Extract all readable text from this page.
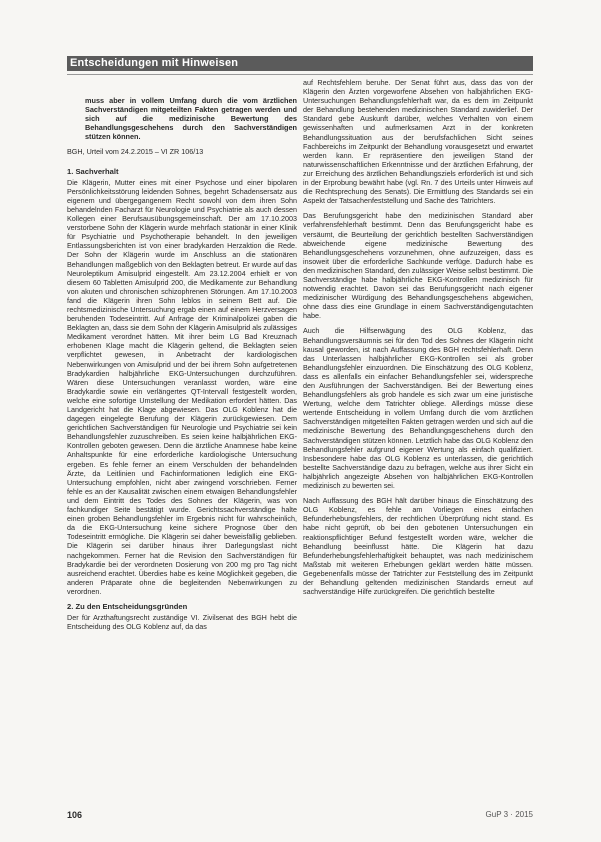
Entscheidungen mit Hinweisen
muss aber in vollem Umfang durch die vom ärztlichen Sachverständigen mitgeteilten Fakten getragen werden und sich auf die medizinische Bewertung des Behandlungsgeschehens durch den Sachverständigen stützen können.
BGH, Urteil vom 24.2.2015 – VI ZR 106/13
1. Sachverhalt

Die Klägerin, Mutter eines mit einer Psychose und einer bipolaren Persönlichkeitsstörung leidenden Sohnes, begehrt Schadensersatz aus eigenem und übergegangenem Recht sowohl von dem ihren Sohn behandelnden Facharzt für Neurologie und Psychiatrie als auch dessen Kollegen einer Berufsausübungsgemeinschaft. Der am 17.10.2003 verstorbene Sohn der Klägerin wurde mehrfach stationär in einer Klinik für Psychiatrie und Psychotherapie behandelt. In den jeweiligen Entlassungsberichten ist von einer bradykarden Herzaktion die Rede. Der Sohn der Klägerin wurde im Anschluss an die stationären Behandlungen maßgeblich von den Beklagten betreut. Er wurde auf das Neuroleptikum Amisulprid eingestellt. Am 23.12.2004 erhielt er von diesem 60 Tabletten Amisulprid 200, die Medikamente zur Behandlung von akuten und chronischen schizophrenen Störungen. Am 17.10.2003 fand die Klägerin ihren Sohn leblos in seinem Bett auf. Die rechtsmedizinische Untersuchung ergab einen auf einem Herzversagen beruhenden Todeseintritt. Auf Anfrage der Kriminalpolizei gaben die Beklagten an, dass sie dem Sohn der Klägerin Amisulprid als zulässiges Medikament verordnet hätten. Mit ihrer beim LG Bad Kreuznach erhobenen Klage macht die Klägerin geltend, die Beklagten seien verpflichtet gewesen, in Anbetracht der kardiologischen Nebenwirkungen von Amisulprid und der bei ihrem Sohn aufgetretenen Bradykardien halbjährliche EKG-Untersuchungen durchzuführen. Wären diese Untersuchungen veranlasst worden, wäre eine Bradykardie sowie ein verlängertes QT-Intervall festgestellt worden, welche eine sofortige Umstellung der Medikation erfordert hätten. Das Landgericht hat die Klage abgewiesen. Das OLG Koblenz hat die dagegen eingelegte Berufung der Klägerin zurückgewiesen. Dem gerichtlichen Sachverständigen für Neurologie und Psychiatrie sei kein Behandlungsfehler zuzuschreiben. Es seien keine halbjährlichen EKG-Kontrollen geboten gewesen. Denn die ärztliche Anamnese habe keine Anhaltspunkte für eine erforderliche kardiologische Untersuchung ergeben. Es fehle ferner an einem Verschulden der behandelnden Ärzte, da Leitlinien und Fachinformationen lediglich eine EKG-Untersuchung empfohlen, nicht aber zwingend vorschrieben. Ferner fehle es an der Kausalität zwischen einem etwaigen Behandlungsfehler und dem Eintritt des Todes des Sohnes der Klägerin, was von fachkundiger Seite bestätigt wurde. Gerichtssachverständige halte einen groben Behandlungsfehler im Ergebnis nicht für wahrscheinlich, da die EKG-Untersuchung keine sichere Prognose über den Todeseintritt ermögliche. Die Klägerin sei daher beweisfällig geblieben. Die Klägerin sei darüber hinaus ihrer Darlegungslast nicht nachgekommen. Ferner hat die Revision den Sachverständigen für Bradykardie bei der verordneten Dosierung von 200 mg pro Tag nicht ausreichend erachtet. Überdies habe es keine Möglichkeit gegeben, die anderen Präparate ohne die begleitenden Nebenwirkungen zu verordnen.

2. Zu den Entscheidungsgründen

Der für Arzthaftungsrecht zuständige VI. Zivilsenat des BGH hebt die Entscheidung des OLG Koblenz auf, da das

auf Rechtsfehlern beruhe. Der Senat führt aus, dass das von der Klägerin den Ärzten vorgeworfene Absehen von halbjährlichen EKG-Untersuchungen Behandlungsfehlerhaft war, da es dem im Zeitpunkt der Behandlung bestehenden medizinischen Standard zuwiderlief. Der Standard gebe Auskunft darüber, welches Verhalten von einem gewissenhaften und aufmerksamen Arzt in der konkreten Behandlungssituation aus der berufsfachlichen Sicht seines Fachbereichs im Zeitpunkt der Behandlung vorausgesetzt und erwartet werden kann. Er repräsentiere den jeweiligen Stand der naturwissenschaftlichen Erkenntnisse und der ärztlichen Erfahrung, der zur Erreichung des ärztlichen Behandlungsziels erforderlich ist und sich in der Erprobung bewährt habe (vgl. Rn. 7 des Urteils unter Hinweis auf die Rechtsprechung des Senats). Die Ermittlung des Standards sei ein Aspekt der Tatsachenfeststellung und Sache des Tatrichters.

Das Berufungsgericht habe den medizinischen Standard aber verfahrensfehlerhaft bestimmt. Denn das Berufungsgericht habe es versäumt, die Beurteilung der gerichtlich bestellten Sachverständigen abweichende eigene medizinische Bewertung des Behandlungsgeschehens vorzunehmen, ohne aufzuzeigen, dass es insoweit über die erforderliche Sachkunde verfüge. Dadurch habe es den medizinischen Standard, den zulässiger Weise selbst bestimmt. Die Sachverständige habe halbjährliche EKG-Kontrollen medizinisch für notwendig erachtet. Davon sei das Berufungsgericht nach eigener medizinischer Würdigung des Behandlungsgeschehens abgewichen, ohne dass dies eine Grundlage in einem Sachverständigengutachten habe.

Auch die Hilfserwägung des OLG Koblenz, das Behandlungsversäumnis sei für den Tod des Sohnes der Klägerin nicht kausal geworden, ist nach Auffassung des BGH rechtsfehlerhaft. Denn das Unterlassen halbjährlicher EKG-Kontrollen sei als grober Behandlungsfehler einzuordnen. Die Einschätzung des OLG Koblenz, dass es allenfalls ein einfacher Behandlungsfehler sei, widerspreche den Ausführungen der Sachverständigen. Bei der Bewertung eines Behandlungsfehlers als grob handele es sich zwar um eine juristische Wertung, welche dem Tatrichter obliege. Allerdings müsse diese wertende Entscheidung in vollem Umfang durch die vom ärztlichen Sachverständigen mitgeteilten Fakten getragen werden und sich auf die medizinische Bewertung des Behandlungsgeschehens durch den Sachverständigen stützen können. Letztlich habe das OLG Koblenz den Behandlungsfehler aufgrund eigener Wertung als einfach qualifiziert. Insbesondere habe das OLG Koblenz es unterlassen, die gerichtlich bestellte Sachverständige dazu zu befragen, welche aus ihrer Sicht ein halbjährlich angezeigte Absehen von halbjährlichen EKG-Kontrollen medizinisch zu bewerten sei.

Nach Auffassung des BGH hält darüber hinaus die Einschätzung des OLG Koblenz, es fehle am Vorliegen eines einfachen Befunderhebungsfehlers, der rechtlichen Überprüfung nicht stand. Es habe nicht geprüft, ob bei den gebotenen Untersuchungen ein reaktionspflichtiger Befund festgestellt worden wäre, welcher die Behandlung beeinflusst hätte. Die Klägerin hat dazu Befunderhebungsfehlerhaftigkeit behauptet, was nach medizinischem Maßstab mit weiteren Erhebungen geklärt werden hätte müssen. Gegebenenfalls müsse der Tatrichter zur Feststellung des im Zeitpunkt der Behandlung geltenden medizinischen Standards erneut auf sachverständige Hilfe zurückgreifen. Die gerichtlich bestellte

106	GuP 3 · 2015
